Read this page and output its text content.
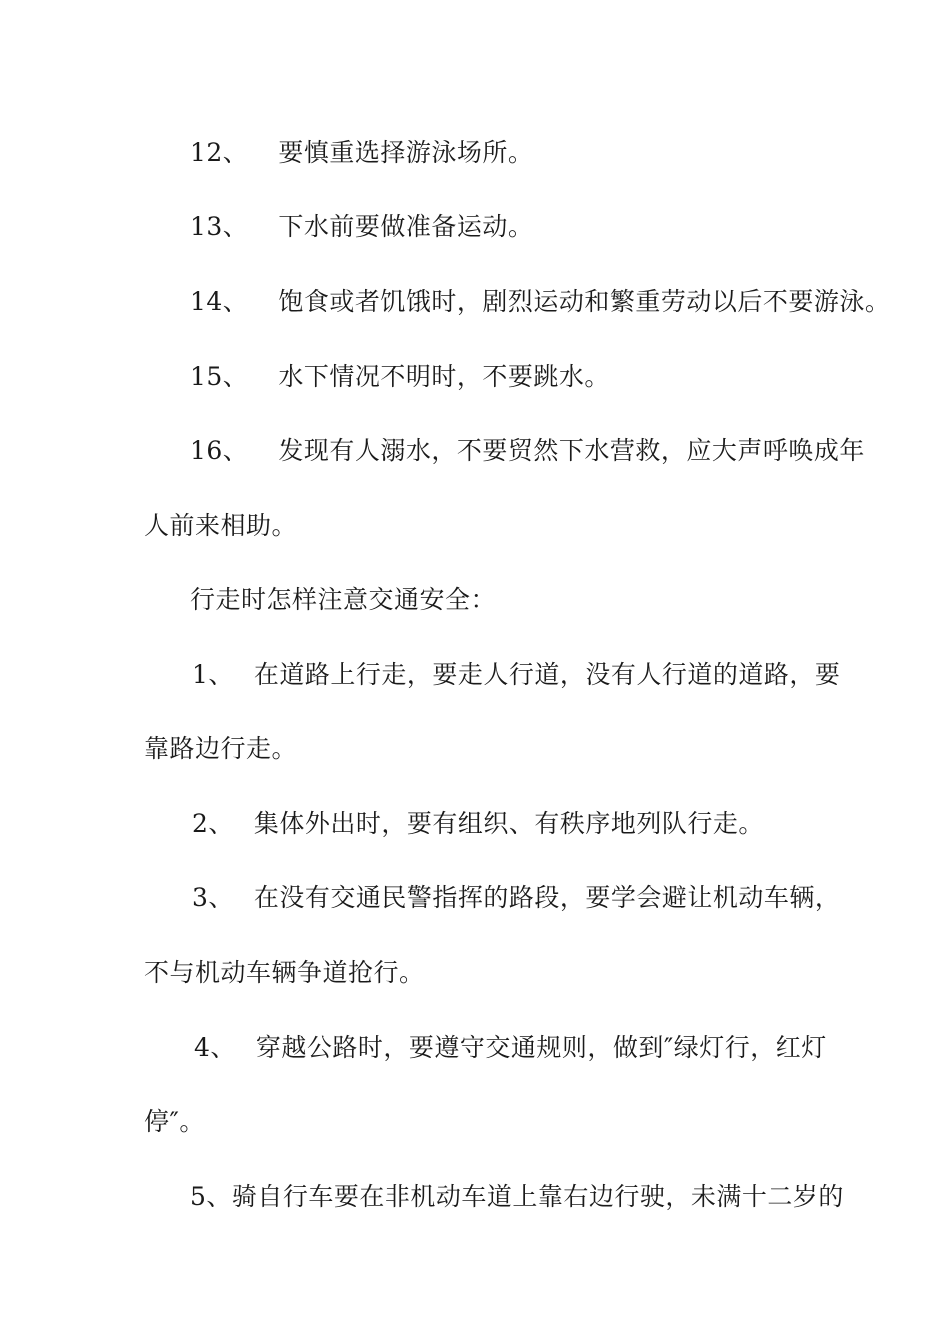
12、 要慎重选择游泳场所。
13、 下水前要做准备运动。
14、 饱食或者饥饿时，剧烈运动和繁重劳动以后不要游泳。
15、 水下情况不明时，不要跳水。
16、 发现有人溺水，不要贸然下水营救，应大声呼唤成年
人前来相助。
行走时怎样注意交通安全：
1、 在道路上行走，要走人行道，没有人行道的道路，要
靠路边行走。
2、 集体外出时，要有组织、有秩序地列队行走。
3、 在没有交通民警指挥的路段，要学会避让机动车辆，
不与机动车辆争道抢行。
4、 穿越公路时，要遵守交通规则，做到″绿灯行，红灯
停″。
5、骑自行车要在非机动车道上靠右边行驶，未满十二岁的
